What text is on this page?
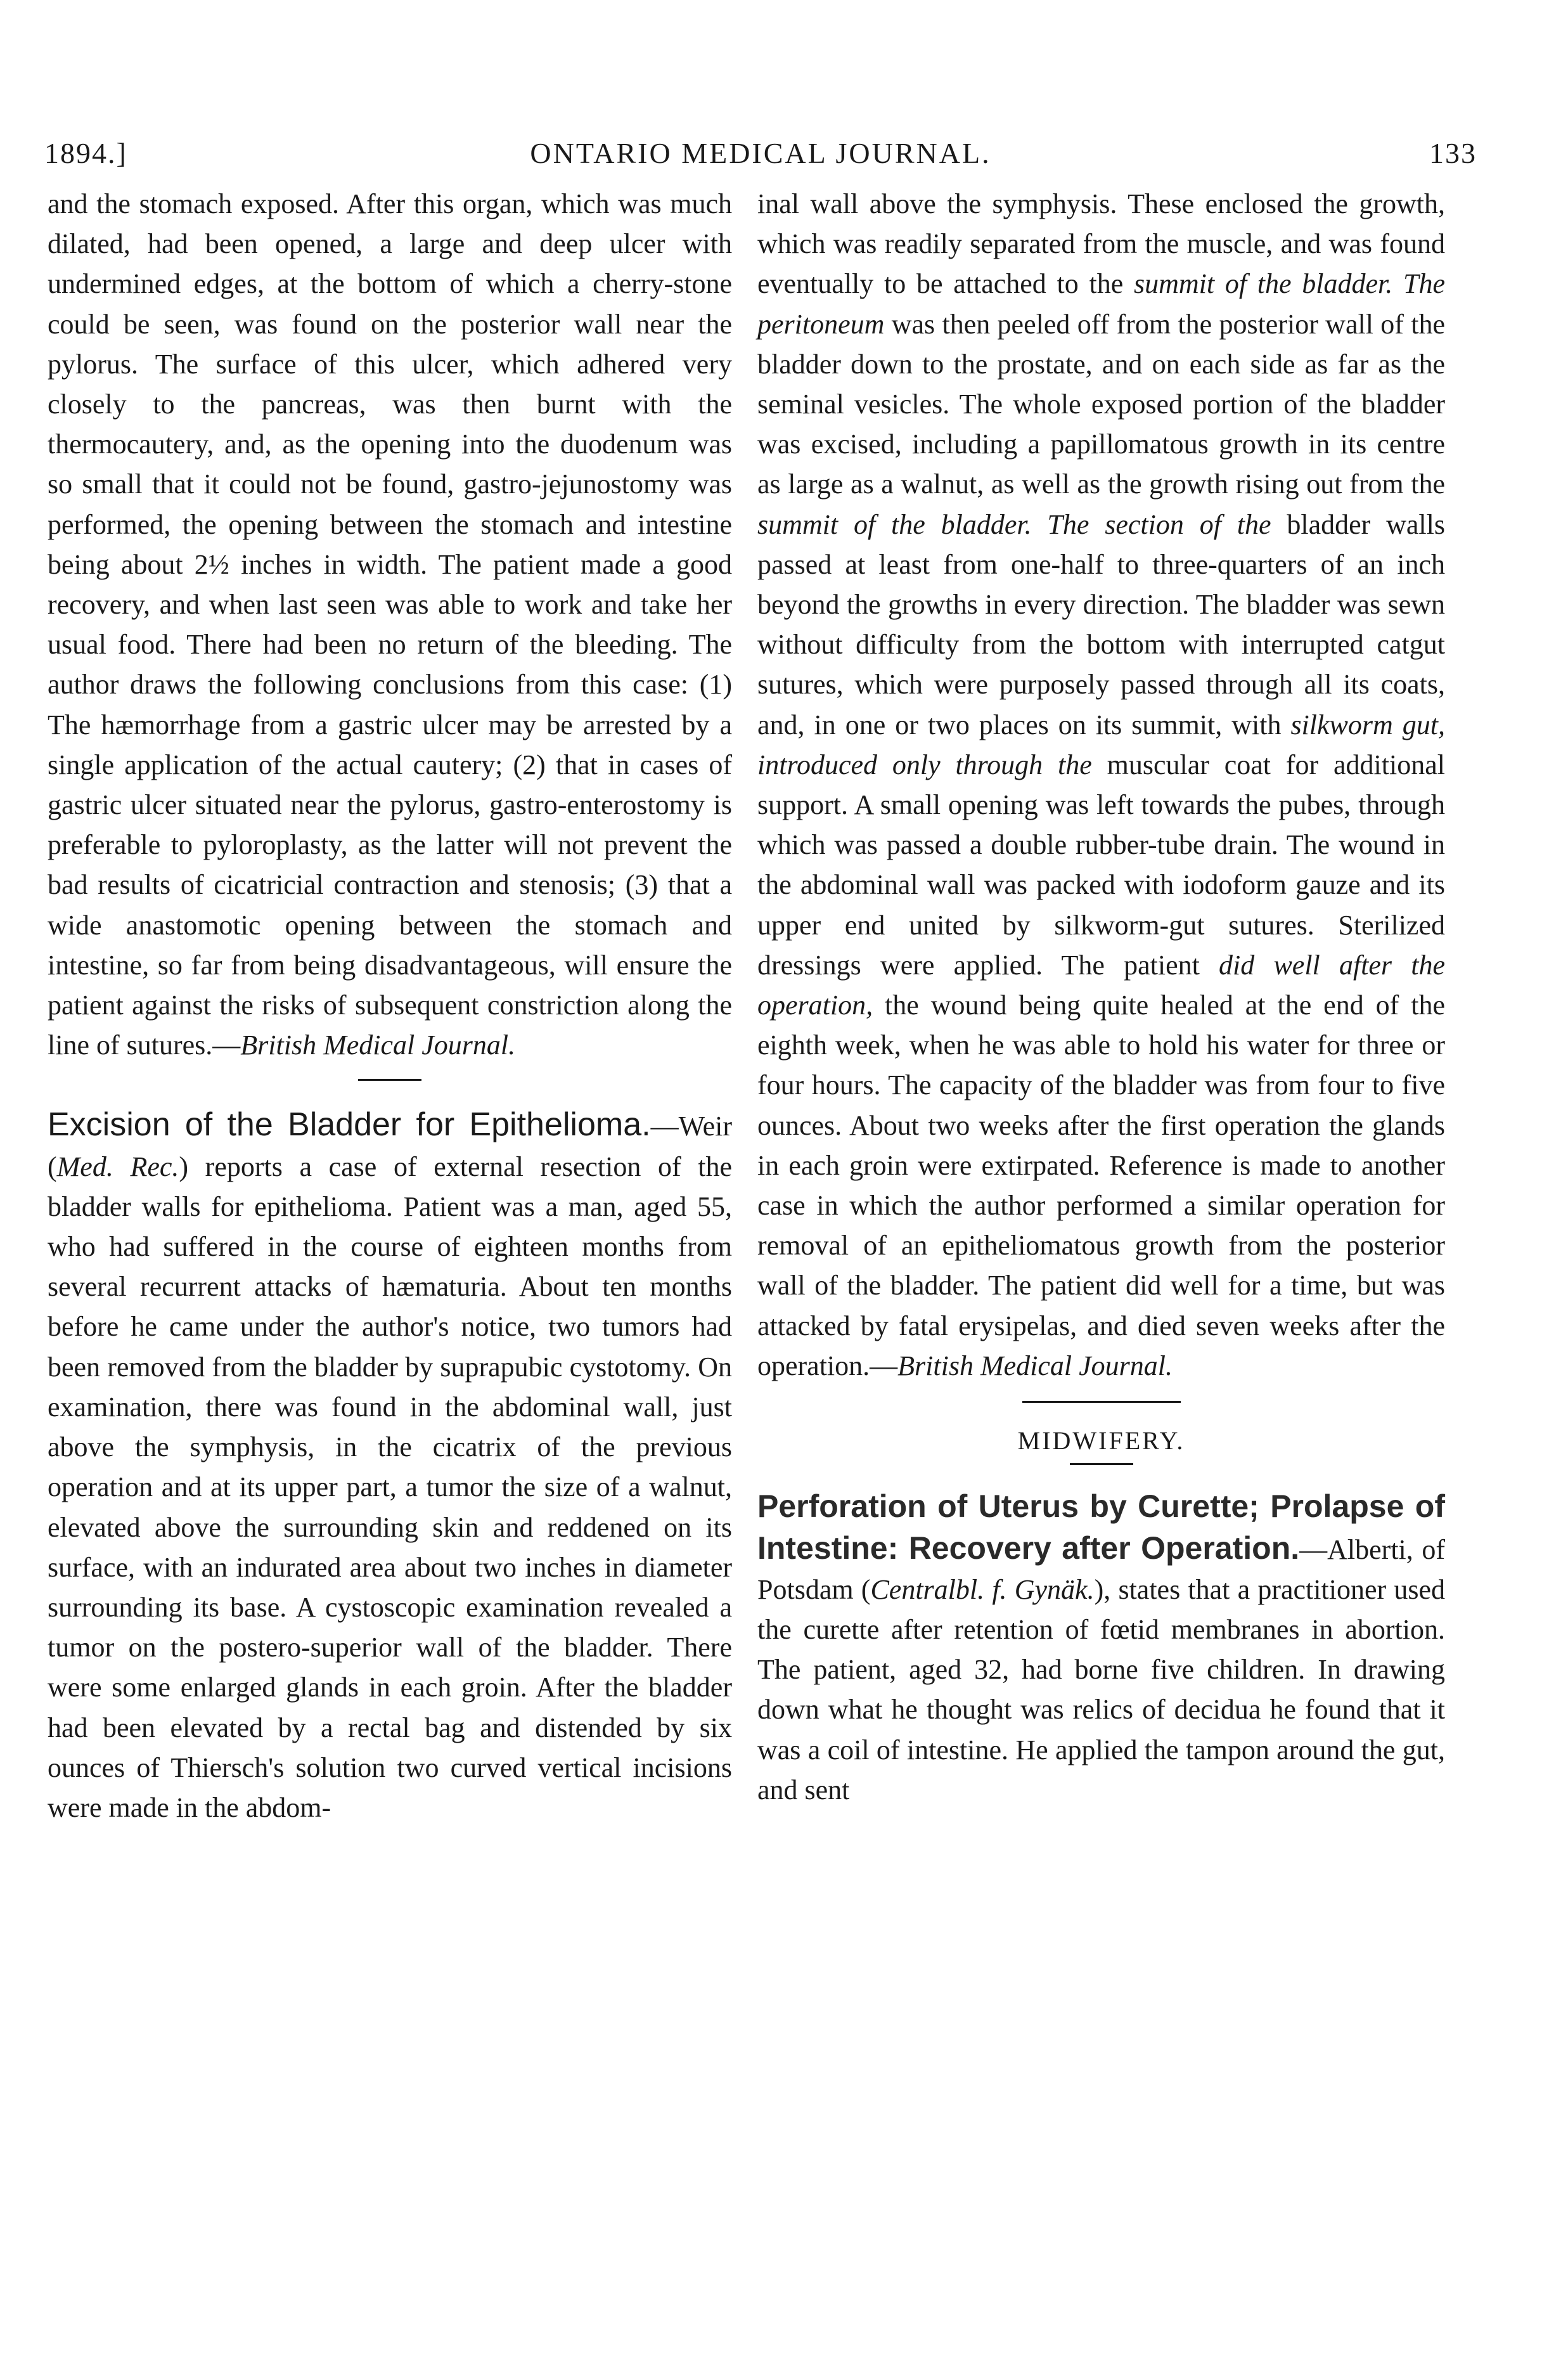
1894.]	ONTARIO MEDICAL JOURNAL.	133

and the stomach exposed. After this organ, which was much dilated, had been opened, a large and deep ulcer with undermined edges, at the bottom of which a cherry-stone could be seen, was found on the posterior wall near the pylorus. The surface of this ulcer, which adhered very closely to the pancreas, was then burnt with the thermocautery, and, as the opening into the duodenum was so small that it could not be found, gastro-jejunostomy was performed, the opening between the stomach and intestine being about 2½ inches in width. The patient made a good recovery, and when last seen was able to work and take her usual food. There had been no return of the bleeding. The author draws the following conclusions from this case: (1) The hæmorrhage from a gastric ulcer may be arrested by a single application of the actual cautery; (2) that in cases of gastric ulcer situated near the pylorus, gastro-enterostomy is preferable to pyloroplasty, as the latter will not prevent the bad results of cicatricial contraction and stenosis; (3) that a wide anastomotic opening between the stomach and intestine, so far from being disadvantageous, will ensure the patient against the risks of subsequent constriction along the line of sutures.—British Medical Journal.

Excision of the Bladder for Epithelioma.—Weir (Med. Rec.) reports a case of external resection of the bladder walls for epithelioma. Patient was a man, aged 55, who had suffered in the course of eighteen months from several recurrent attacks of hæmaturia. About ten months before he came under the author's notice, two tumors had been removed from the bladder by suprapubic cystotomy. On examination, there was found in the abdominal wall, just above the symphysis, in the cicatrix of the previous operation and at its upper part, a tumor the size of a walnut, elevated above the surrounding skin and reddened on its surface, with an indurated area about two inches in diameter surrounding its base. A cystoscopic examination revealed a tumor on the postero-superior wall of the bladder. There were some enlarged glands in each groin. After the bladder had been elevated by a rectal bag and distended by six ounces of Thiersch's solution two curved vertical incisions were made in the abdom-

inal wall above the symphysis. These enclosed the growth, which was readily separated from the muscle, and was found eventually to be attached to the summit of the bladder. The peritoneum was then peeled off from the posterior wall of the bladder down to the prostate, and on each side as far as the seminal vesicles. The whole exposed portion of the bladder was excised, including a papillomatous growth in its centre as large as a walnut, as well as the growth rising out from the summit of the bladder. The section of the bladder walls passed at least from one-half to three-quarters of an inch beyond the growths in every direction. The bladder was sewn without difficulty from the bottom with interrupted catgut sutures, which were purposely passed through all its coats, and, in one or two places on its summit, with silkworm gut, introduced only through the muscular coat for additional support. A small opening was left towards the pubes, through which was passed a double rubber-tube drain. The wound in the abdominal wall was packed with iodoform gauze and its upper end united by silkworm-gut sutures. Sterilized dressings were applied. The patient did well after the operation, the wound being quite healed at the end of the eighth week, when he was able to hold his water for three or four hours. The capacity of the bladder was from four to five ounces. About two weeks after the first operation the glands in each groin were extirpated. Reference is made to another case in which the author performed a similar operation for removal of an epitheliomatous growth from the posterior wall of the bladder. The patient did well for a time, but was attacked by fatal erysipelas, and died seven weeks after the operation.—British Medical Journal.

MIDWIFERY.

Perforation of Uterus by Curette; Prolapse of Intestine: Recovery after Operation.—Alberti, of Potsdam (Centralbl. f. Gynäk.), states that a practitioner used the curette after retention of fœtid membranes in abortion. The patient, aged 32, had borne five children. In drawing down what he thought was relics of decidua he found that it was a coil of intestine. He applied the tampon around the gut, and sent
